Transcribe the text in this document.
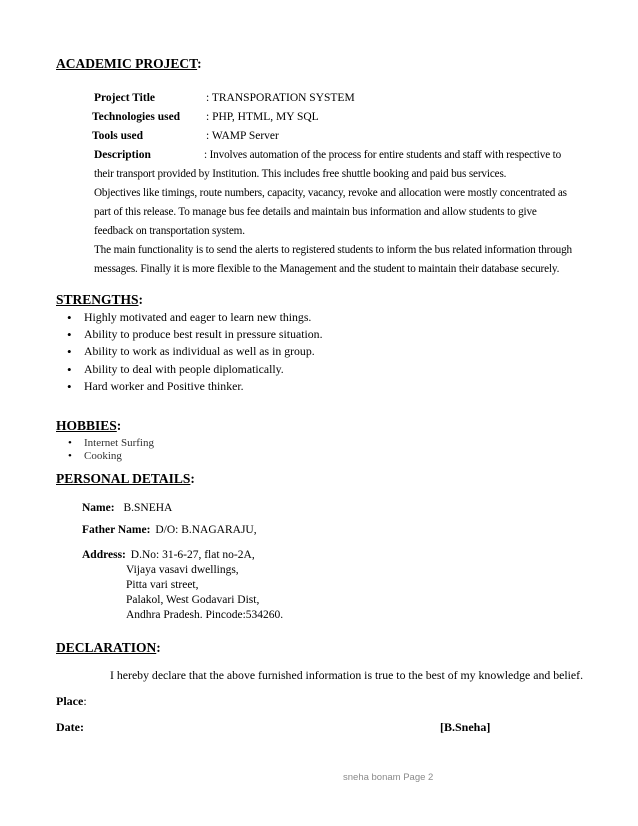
ACADEMIC PROJECT:
Project Title	: TRANSPORATION SYSTEM
Technologies used : PHP, HTML, MY SQL
Tools used	: WAMP Server
Description	: Involves automation of the process for entire students and staff with respective to
their transport provided by Institution. This includes free shuttle booking and paid bus services.
Objectives like timings, route numbers, capacity, vacancy, revoke and allocation were mostly concentrated as
part of this release. To manage bus fee details and maintain bus information and allow students to give
feedback on transportation system.
The main functionality is to send the alerts to registered students to inform the bus related information through
messages. Finally it is more flexible to the Management and the student to maintain their database securely.
STRENGTHS:
• Highly motivated and eager to learn new things.
• Ability to produce best result in pressure situation.
• Ability to work as individual as well as in group.
• Ability to deal with people diplomatically.
• Hard worker and Positive thinker.
HOBBIES:
• Internet Surfing
• Cooking
PERSONAL DETAILS:
Name: B.SNEHA
Father Name: D/O: B.NAGARAJU,
Address: D.No: 31-6-27, flat no-2A,
Vijaya vasavi dwellings,
Pitta vari street,
Palakol, West Godavari Dist,
Andhra Pradesh. Pincode:534260.
DECLARATION:
I hereby declare that the above furnished information is true to the best of my knowledge and belief.
Place:
Date:	[B.Sneha]
sneha bonam Page 2
